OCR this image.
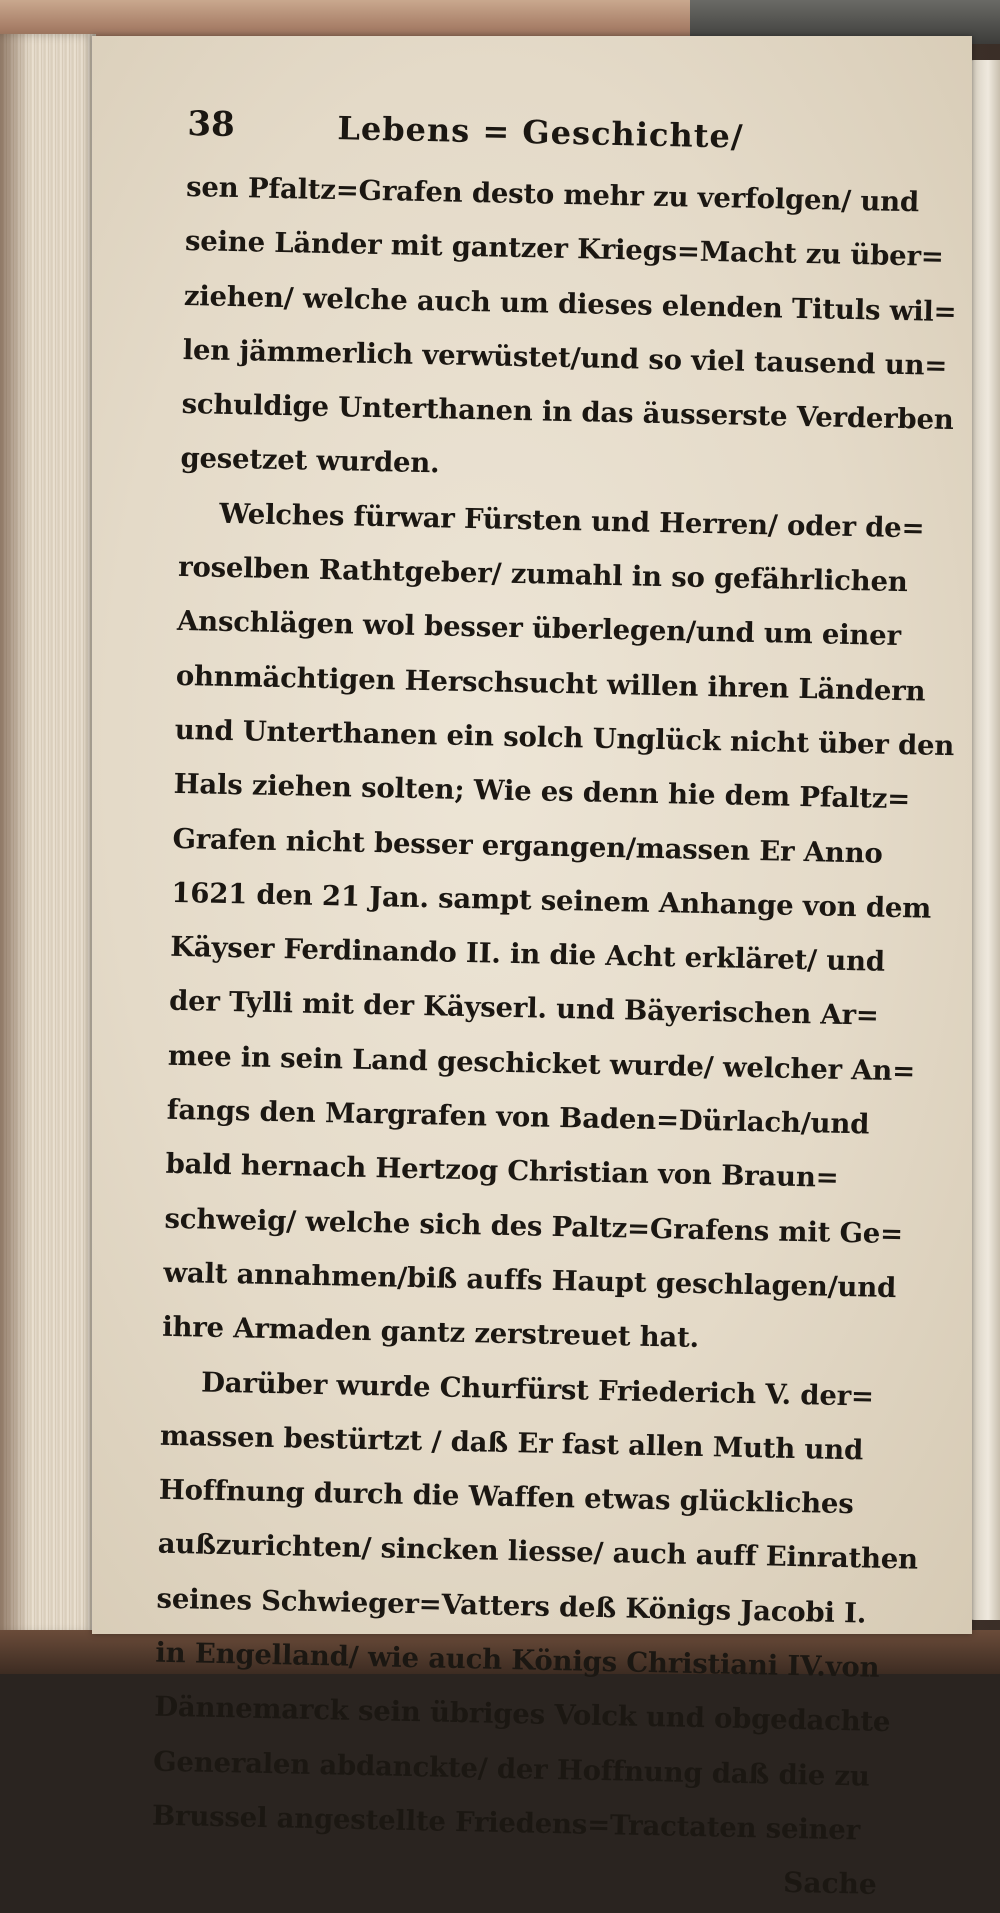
38	Lebens = Geschichte/
sen Pfaltz=Grafen desto mehr zu verfolgen/ und
seine Länder mit gantzer Kriegs=Macht zu über=
ziehen/ welche auch um dieses elenden Tituls wil=
len jämmerlich verwüstet/und so viel tausend un=
schuldige Unterthanen in das äusserste Verderben
gesetzet wurden.
Welches fürwar Fürsten und Herren/ oder de=
roselben Rathtgeber/ zumahl in so gefährlichen
Anschlägen wol besser überlegen/und um einer
ohnmächtigen Herschsucht willen ihren Ländern
und Unterthanen ein solch Unglück nicht über den
Hals ziehen solten; Wie es denn hie dem Pfaltz=
Grafen nicht besser ergangen/massen Er Anno
1621 den 21 Jan. sampt seinem Anhange von dem
Käyser Ferdinando II. in die Acht erkläret/ und
der Tylli mit der Käyserl. und Bäyerischen Ar=
mee in sein Land geschicket wurde/ welcher An=
fangs den Margrafen von Baden=Dürlach/und
bald hernach Hertzog Christian von Braun=
schweig/ welche sich des Paltz=Grafens mit Ge=
walt annahmen/biß auffs Haupt geschlagen/und
ihre Armaden gantz zerstreuet hat.
Darüber wurde Churfürst Friederich V. der=
massen bestürtzt / daß Er fast allen Muth und
Hoffnung durch die Waffen etwas glückliches
außzurichten/ sincken liesse/ auch auff Einrathen
seines Schwieger=Vatters deß Königs Jacobi I.
in Engelland/ wie auch Königs Christiani IV.von
Dännemarck sein übriges Volck und obgedachte
Generalen abdanckte/ der Hoffnung daß die zu
Brussel angestellte Friedens=Tractaten seiner
Sache
